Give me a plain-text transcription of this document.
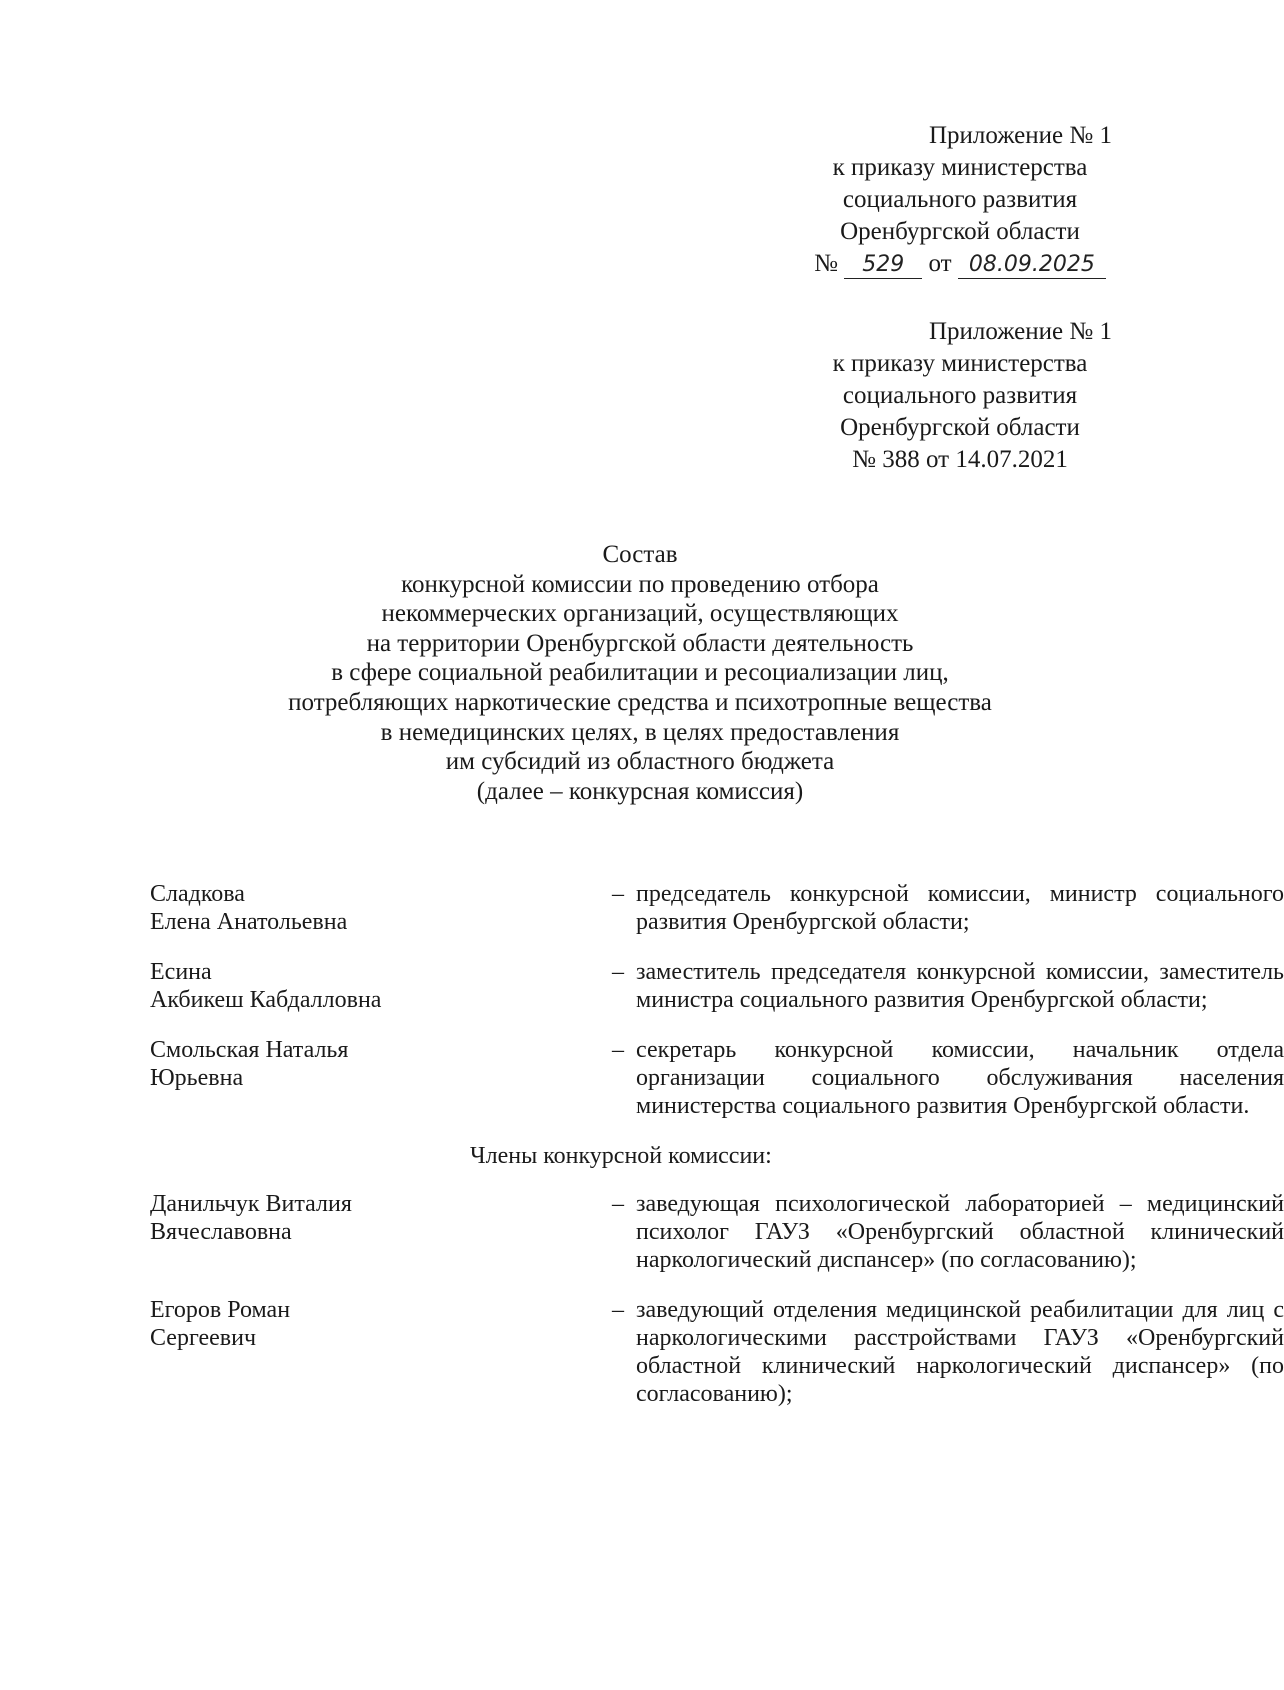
Приложение № 1
к приказу министерства
социального развития
Оренбургской области
№ 529 от 08.09.2025
Приложение № 1
к приказу министерства
социального развития
Оренбургской области
№ 388 от 14.07.2021
Состав
конкурсной комиссии по проведению отбора
некоммерческих организаций, осуществляющих
на территории Оренбургской области деятельность
в сфере социальной реабилитации и ресоциализации лиц,
потребляющих наркотические средства и психотропные вещества
в немедицинских целях, в целях предоставления
им субсидий из областного бюджета
(далее – конкурсная комиссия)
Сладкова
Елена Анатольевна
– председатель конкурсной комиссии, министр социального развития Оренбургской области;
Есина
Акбикеш Кабдалловна
– заместитель председателя конкурсной комиссии, заместитель министра социального развития Оренбургской области;
Смольская Наталья
Юрьевна
– секретарь конкурсной комиссии, начальник отдела организации социального обслуживания населения министерства социального развития Оренбургской области.
Члены конкурсной комиссии:
Данильчук Виталия
Вячеславовна
– заведующая психологической лабораторией – медицинский психолог ГАУЗ «Оренбургский областной клинический наркологический диспансер» (по согласованию);
Егоров Роман
Сергеевич
– заведующий отделения медицинской реабилитации для лиц с наркологическими расстройствами ГАУЗ «Оренбургский областной клинический наркологический диспансер» (по согласованию);
